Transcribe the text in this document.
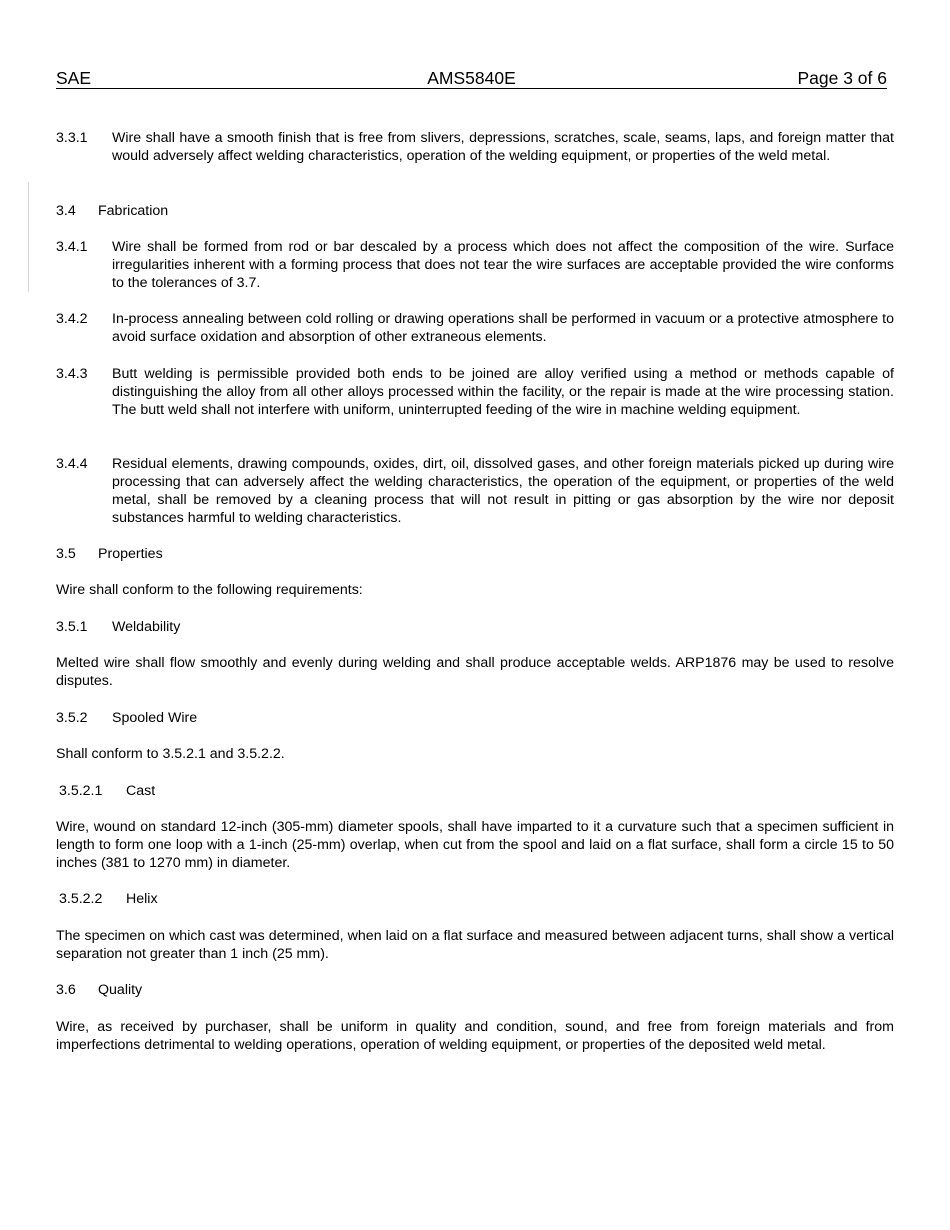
SAE	AMS5840E	Page 3 of 6
3.3.1 Wire shall have a smooth finish that is free from slivers, depressions, scratches, scale, seams, laps, and foreign matter that would adversely affect welding characteristics, operation of the welding equipment, or properties of the weld metal.
3.4 Fabrication
3.4.1 Wire shall be formed from rod or bar descaled by a process which does not affect the composition of the wire. Surface irregularities inherent with a forming process that does not tear the wire surfaces are acceptable provided the wire conforms to the tolerances of 3.7.
3.4.2 In-process annealing between cold rolling or drawing operations shall be performed in vacuum or a protective atmosphere to avoid surface oxidation and absorption of other extraneous elements.
3.4.3 Butt welding is permissible provided both ends to be joined are alloy verified using a method or methods capable of distinguishing the alloy from all other alloys processed within the facility, or the repair is made at the wire processing station. The butt weld shall not interfere with uniform, uninterrupted feeding of the wire in machine welding equipment.
3.4.4 Residual elements, drawing compounds, oxides, dirt, oil, dissolved gases, and other foreign materials picked up during wire processing that can adversely affect the welding characteristics, the operation of the equipment, or properties of the weld metal, shall be removed by a cleaning process that will not result in pitting or gas absorption by the wire nor deposit substances harmful to welding characteristics.
3.5 Properties
Wire shall conform to the following requirements:
3.5.1 Weldability
Melted wire shall flow smoothly and evenly during welding and shall produce acceptable welds. ARP1876 may be used to resolve disputes.
3.5.2 Spooled Wire
Shall conform to 3.5.2.1 and 3.5.2.2.
3.5.2.1 Cast
Wire, wound on standard 12-inch (305-mm) diameter spools, shall have imparted to it a curvature such that a specimen sufficient in length to form one loop with a 1-inch (25-mm) overlap, when cut from the spool and laid on a flat surface, shall form a circle 15 to 50 inches (381 to 1270 mm) in diameter.
3.5.2.2 Helix
The specimen on which cast was determined, when laid on a flat surface and measured between adjacent turns, shall show a vertical separation not greater than 1 inch (25 mm).
3.6 Quality
Wire, as received by purchaser, shall be uniform in quality and condition, sound, and free from foreign materials and from imperfections detrimental to welding operations, operation of welding equipment, or properties of the deposited weld metal.
